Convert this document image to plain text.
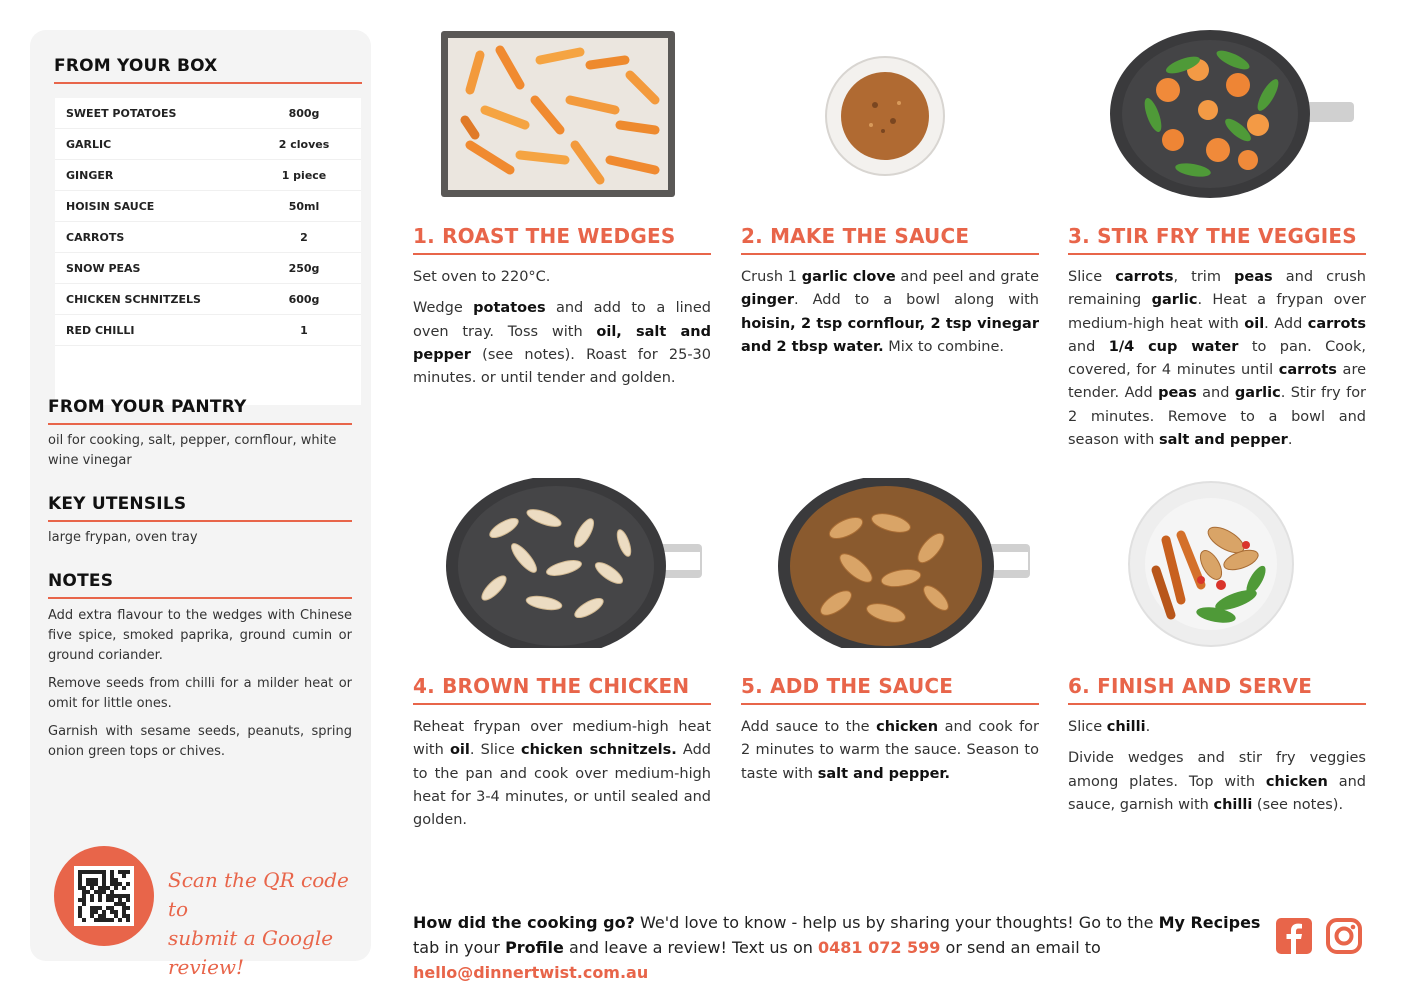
FROM YOUR BOX
SWEET POTATOES	800g
GARLIC	2 cloves
GINGER	1 piece
HOISIN SAUCE	50ml
CARROTS	2
SNOW PEAS	250g
CHICKEN SCHNITZELS	600g
RED CHILLI	1
FROM YOUR PANTRY
oil for cooking, salt, pepper, cornflour, white wine vinegar
KEY UTENSILS
large frypan, oven tray
NOTES

Add extra flavour to the wedges with Chinese five spice, smoked paprika, ground cumin or ground coriander.

Remove seeds from chilli for a milder heat or omit for little ones.

Garnish with sesame seeds, peanuts, spring onion green tops or chives.

Scan the QR code to
submit a Google review!
1. ROAST THE WEDGES

Set oven to 220°C.

Wedge potatoes and add to a lined oven tray. Toss with oil, salt and pepper (see notes). Roast for 25-30 minutes. or until tender and golden.

2. MAKE THE SAUCE

Crush 1 garlic clove and peel and grate ginger. Add to a bowl along with hoisin, 2 tsp cornflour, 2 tsp vinegar and 2 tbsp water. Mix to combine.

3. STIR FRY THE VEGGIES

Slice carrots, trim peas and crush remaining garlic. Heat a frypan over medium-high heat with oil. Add carrots and 1/4 cup water to pan. Cook, covered, for 4 minutes until carrots are tender. Add peas and garlic. Stir fry for 2 minutes. Remove to a bowl and season with salt and pepper.

4. BROWN THE CHICKEN

Reheat frypan over medium-high heat with oil. Slice chicken schnitzels. Add to the pan and cook over medium-high heat for 3-4 minutes, or until sealed and golden.

5. ADD THE SAUCE

Add sauce to the chicken and cook for 2 minutes to warm the sauce. Season to taste with salt and pepper.

6. FINISH AND SERVE

Slice chilli.

Divide wedges and stir fry veggies among plates. Top with chicken and sauce, garnish with chilli (see notes).

How did the cooking go? We'd love to know - help us by sharing your thoughts! Go to the My Recipes tab in your Profile and leave a review! Text us on 0481 072 599 or send an email to hello@dinnertwist.com.au
